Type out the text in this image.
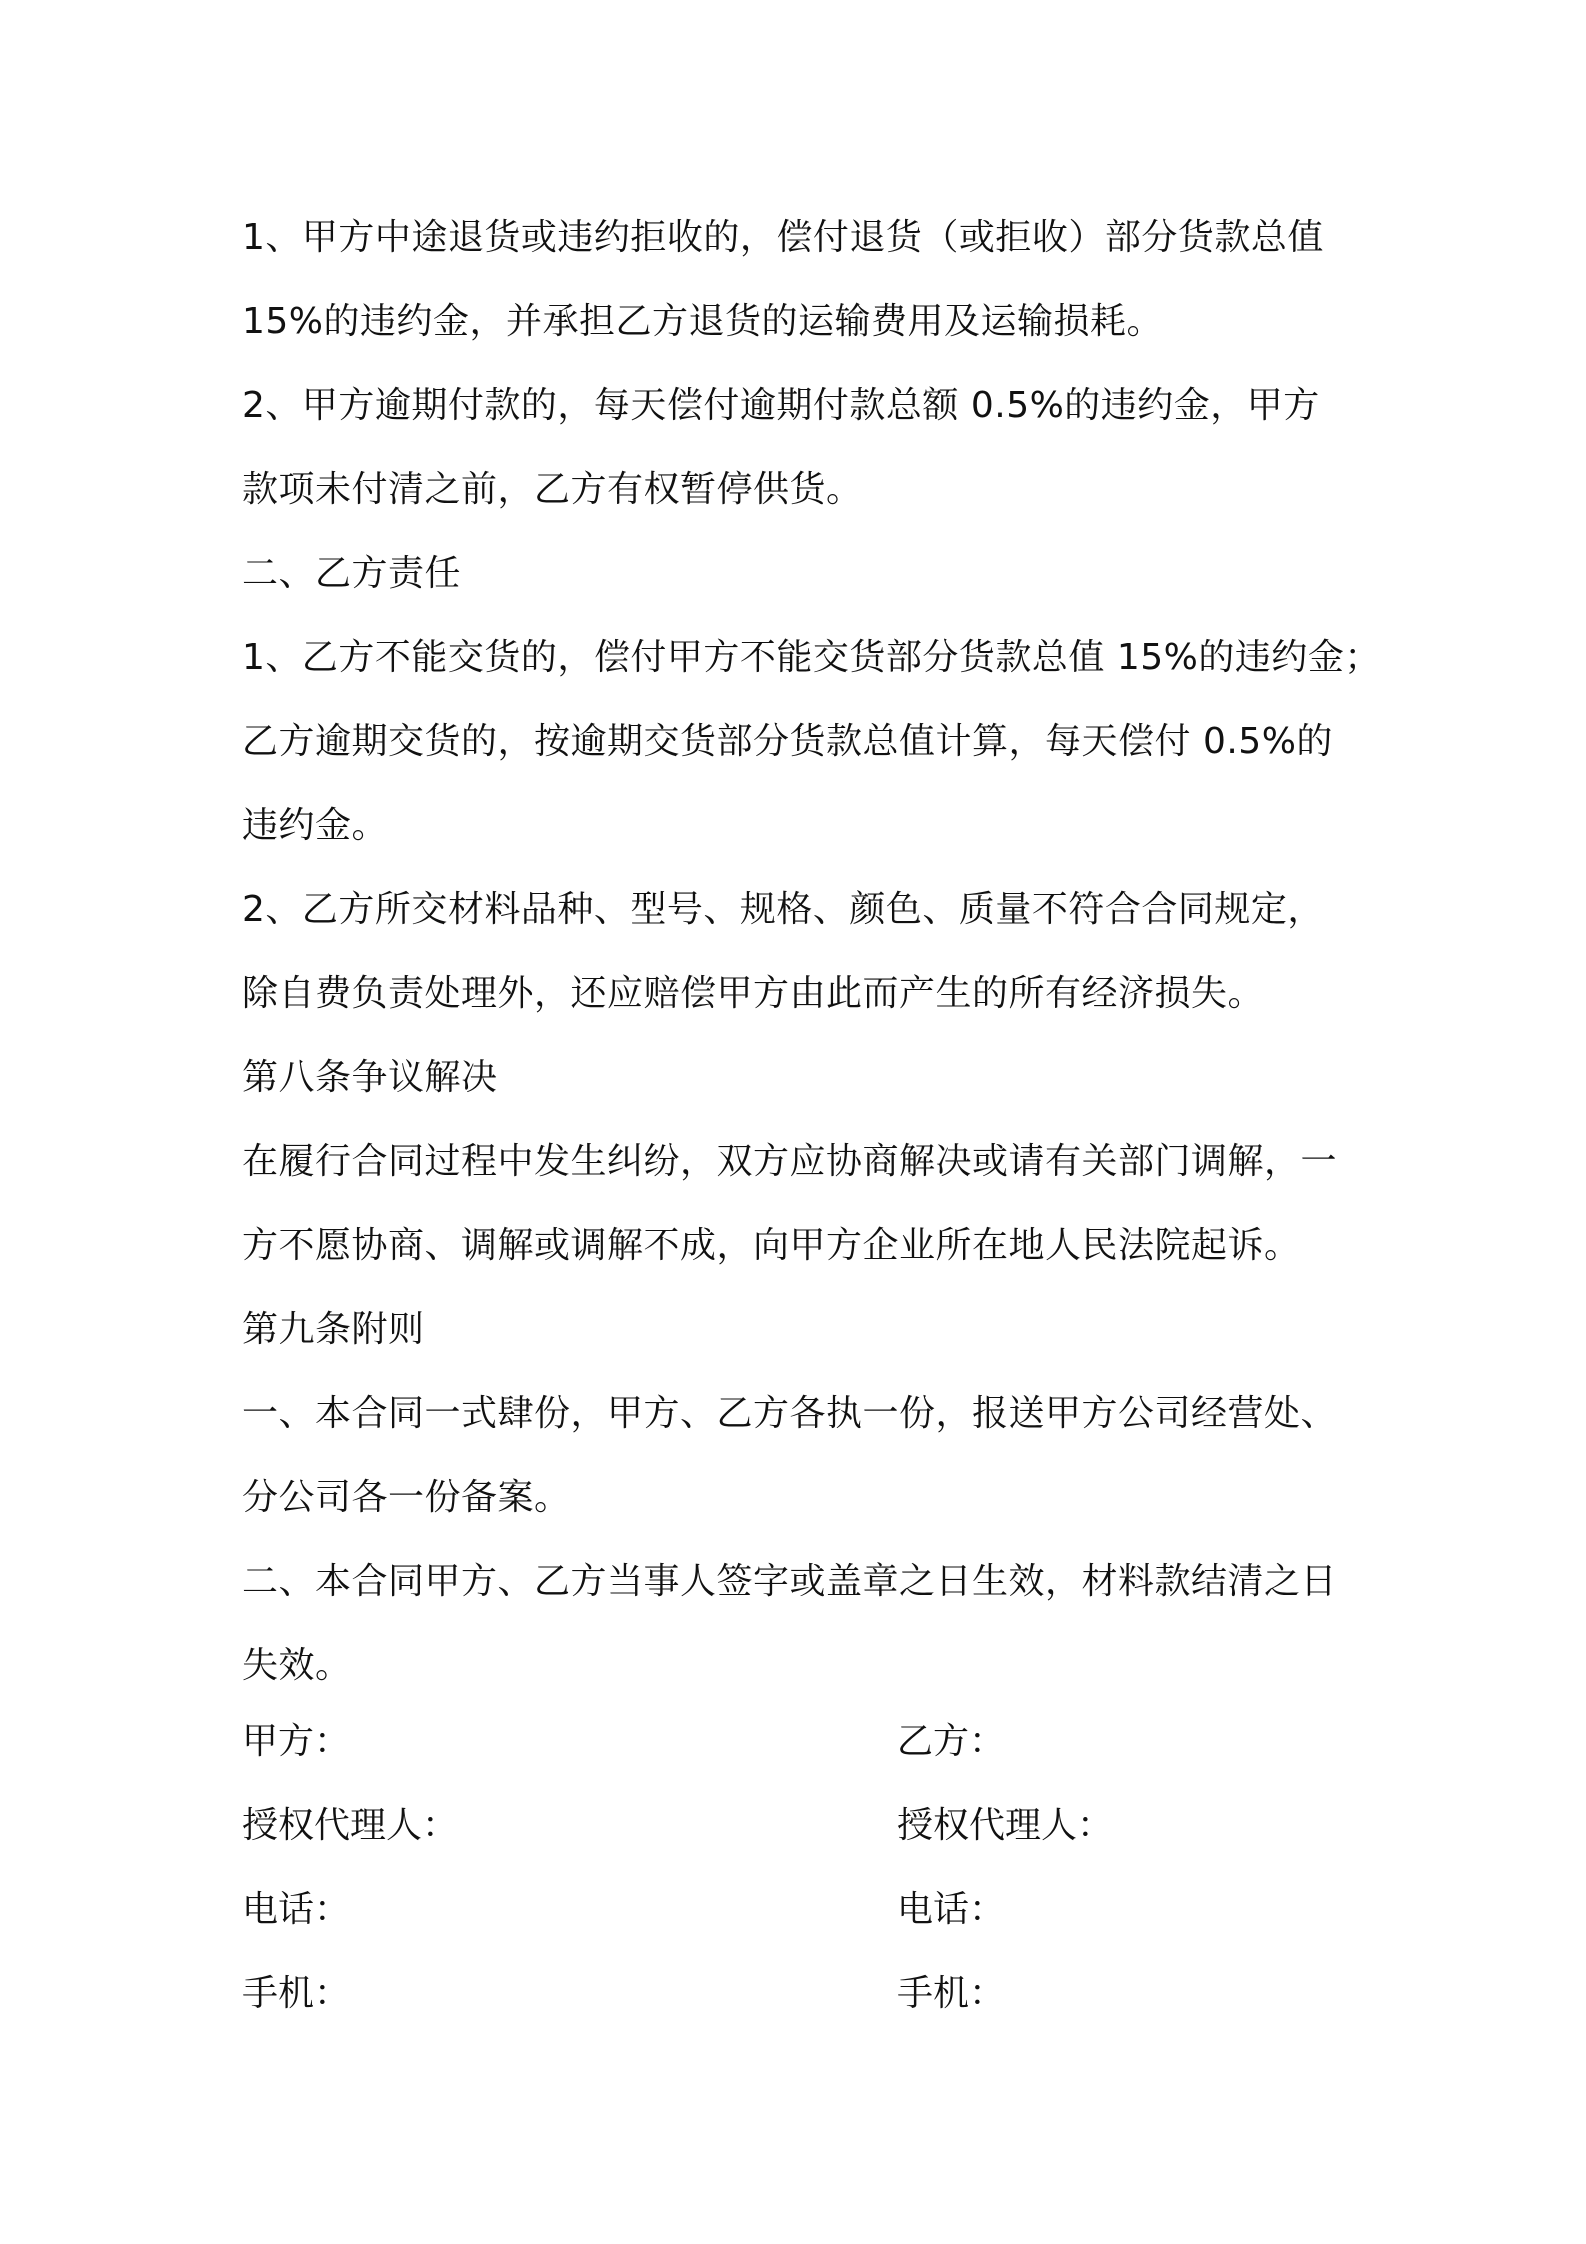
1、甲方中途退货或违约拒收的，偿付退货（或拒收）部分货款总值
15%的违约金，并承担乙方退货的运输费用及运输损耗。
2、甲方逾期付款的，每天偿付逾期付款总额 0.5%的违约金，甲方
款项未付清之前，乙方有权暂停供货。
二、乙方责任
1、乙方不能交货的，偿付甲方不能交货部分货款总值 15%的违约金；
乙方逾期交货的，按逾期交货部分货款总值计算，每天偿付 0.5%的
违约金。
2、乙方所交材料品种、型号、规格、颜色、质量不符合合同规定，
除自费负责处理外，还应赔偿甲方由此而产生的所有经济损失。
第八条争议解决
在履行合同过程中发生纠纷，双方应协商解决或请有关部门调解，一
方不愿协商、调解或调解不成，向甲方企业所在地人民法院起诉。
第九条附则
一、本合同一式肆份，甲方、乙方各执一份，报送甲方公司经营处、
分公司各一份备案。
二、本合同甲方、乙方当事人签字或盖章之日生效，材料款结清之日
失效。
甲方：	乙方：
授权代理人：	授权代理人：
电话：	电话：
手机：	手机：
